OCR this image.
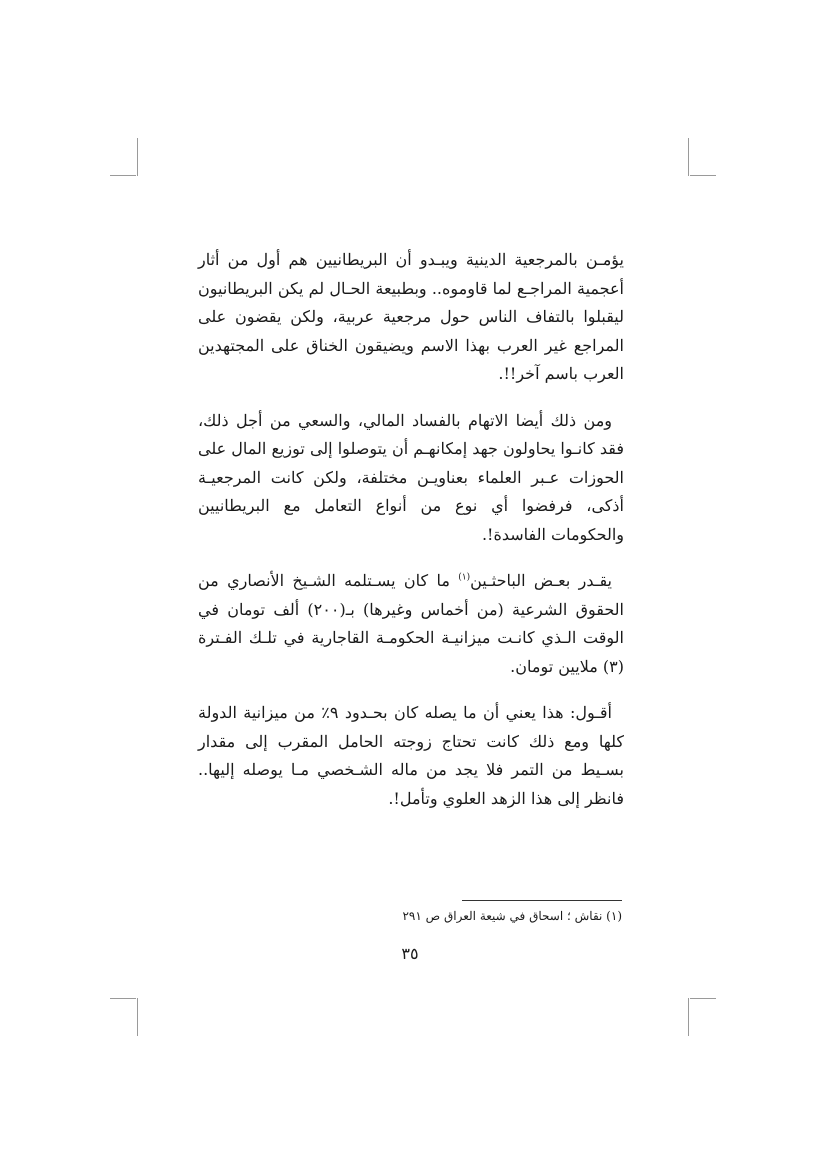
يؤمـن بالمرجعية الدينية ويبـدو أن البريطانيين هم أول من أثار أعجمية المراجـع لما قاوموه.. وبطبيعة الحـال لم يكن البريطانيون ليقبلوا بالتفاف الناس حول مرجعية عربية، ولكن يقضون على المراجع غير العرب بهذا الاسم ويضيقون الخناق على المجتهدين العرب باسم آخر!!.

ومن ذلك أيضا الاتهام بالفساد المالي، والسعي من أجل ذلك، فقد كانـوا يحاولون جهد إمكانهـم أن يتوصلوا إلى توزيع المال على الحوزات عـبر العلماء بعناويـن مختلفة، ولكن كانت المرجعيـة أذكى، فرفضوا أي نوع من أنواع التعامل مع البريطانيين والحكومات الفاسدة!.

يقـدر بعـض الباحثـين$^{(١)}$ ما كان يسـتلمه الشـيخ الأنصاري من الحقوق الشرعية (من أخماس وغيرها) بـ(٢٠٠) ألف تومان في الوقت الـذي كانـت ميزانيـة الحكومـة القاجارية في تلـك الفـترة (٣) ملايين تومان.

أقـول: هذا يعني أن ما يصله كان بحـدود ٩٪ من ميزانية الدولة كلها ومع ذلك كانت تحتاج زوجته الحامل المقرب إلى مقدار بسـيط من التمر فلا يجد من ماله الشـخصي مـا يوصله إليها.. فانظر إلى هذا الزهد العلوي وتأمل!.

(١) نقاش ؛ اسحاق في شيعة العراق ص ٢٩١
٣٥
